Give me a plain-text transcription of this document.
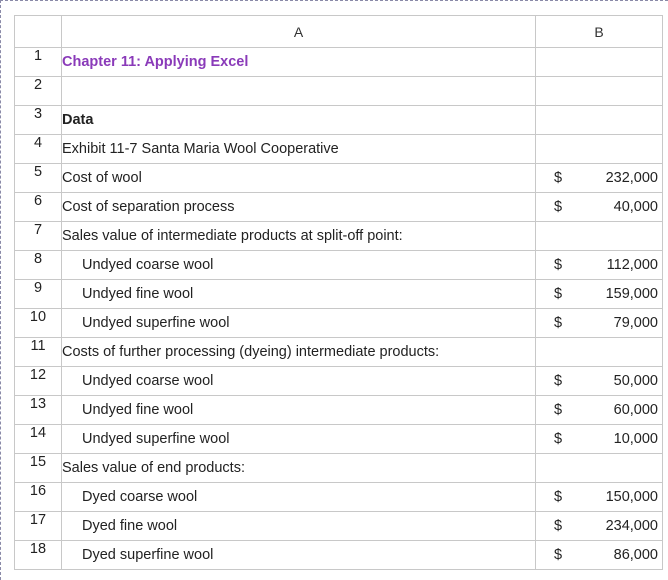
	A	B
1	Chapter 11: Applying Excel	

2		

3	Data	

4	Exhibit 11-7 Santa Maria Wool Cooperative	

5	Cost of wool	$ 232,000

6	Cost of separation process	$ 40,000

7	Sales value of intermediate products at split-off point:	

8	Undyed coarse wool	$ 112,000

9	Undyed fine wool	$ 159,000

10	Undyed superfine wool	$ 79,000

11	Costs of further processing (dyeing) intermediate products:	

12	Undyed coarse wool	$ 50,000

13	Undyed fine wool	$ 60,000

14	Undyed superfine wool	$ 10,000

15	Sales value of end products:	

16	Dyed coarse wool	$ 150,000

17	Dyed fine wool	$ 234,000

18	Dyed superfine wool	$ 86,000
